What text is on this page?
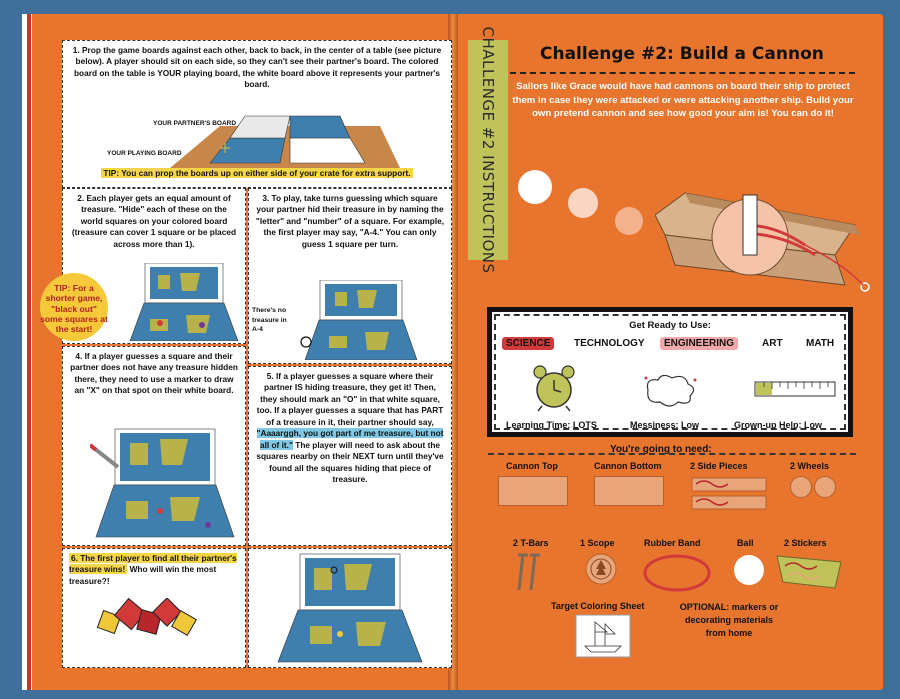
1. Prop the game boards against each other, back to back, in the center of a table (see picture below). A player should sit on each side, so they can't see their partner's board. The colored board on the table is YOUR playing board, the white board above it represents your partner's board.
YOUR PARTNER'S BOARD
YOUR PLAYING BOARD
TIP: You can prop the boards up on either side of your crate for extra support.
2. Each player gets an equal amount of treasure. "Hide" each of these on the world squares on your colored board (treasure can cover 1 square or be placed across more than 1).
TIP: For a shorter game, "black out" some squares at the start!
3. To play, take turns guessing which square your partner hid their treasure in by naming the "letter" and "number" of a square. For example, the first player may say, "A-4." You can only guess 1 square per turn.
There's no treasure in A-4
4. If a player guesses a square and their partner does not have any treasure hidden there, they need to use a marker to draw an "X" on that spot on their white board.
5. If a player guesses a square where their partner IS hiding treasure, they get it! Then, they should mark an "O" in that white square, too. If a player guesses a square that has PART of a treasure in it, their partner should say, "Aaaarggh, you got part of me treasure, but not all of it." The player will need to ask about the squares nearby on their NEXT turn until they've found all the squares hiding that piece of treasure.
6. The first player to find all their partner's treasure wins! Who will win the most treasure?!
CHALLENGE #2 INSTRUCTIONS	Challenge #2: Build a Cannon
Sailors like Grace would have had cannons on board their ship to protect them in case they were attacked or were attacking another ship. Build your own pretend cannon and see how good your aim is! You can do it!
Get Ready to Use:
SCIENCE	TECHNOLOGY	ENGINEERING	ART	MATH
Learning Time: LOTS	Messiness: Low	Grown-up Help: Low
You're going to need:
Cannon Top	Cannon Bottom	2 Side Pieces	2 Wheels
2 T-Bars	1 Scope	Rubber Band	Ball	2 Stickers
Target Coloring Sheet	OPTIONAL: markers or decorating materials from home
